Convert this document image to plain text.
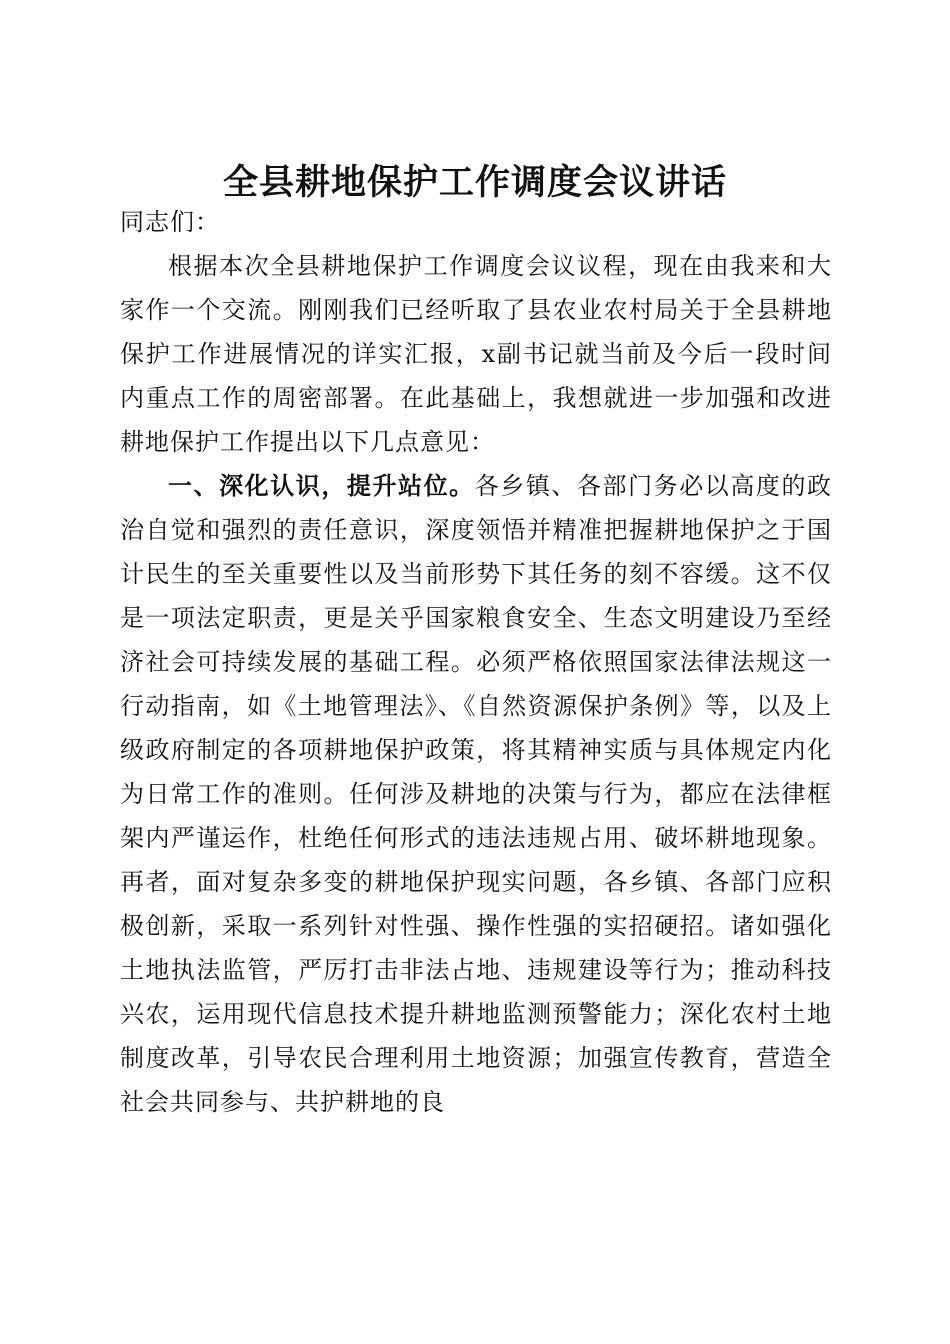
全县耕地保护工作调度会议讲话

同志们：

根据本次全县耕地保护工作调度会议议程，现在由我来和大家作一个交流。刚刚我们已经听取了县农业农村局关于全县耕地保护工作进展情况的详实汇报，x副书记就当前及今后一段时间内重点工作的周密部署。在此基础上，我想就进一步加强和改进耕地保护工作提出以下几点意见：

一、深化认识，提升站位。各乡镇、各部门务必以高度的政治自觉和强烈的责任意识，深度领悟并精准把握耕地保护之于国计民生的至关重要性以及当前形势下其任务的刻不容缓。这不仅是一项法定职责，更是关乎国家粮食安全、生态文明建设乃至经济社会可持续发展的基础工程。必须严格依照国家法律法规这一行动指南，如《土地管理法》、《自然资源保护条例》等，以及上级政府制定的各项耕地保护政策，将其精神实质与具体规定内化为日常工作的准则。任何涉及耕地的决策与行为，都应在法律框架内严谨运作，杜绝任何形式的违法违规占用、破坏耕地现象。再者，面对复杂多变的耕地保护现实问题，各乡镇、各部门应积极创新，采取一系列针对性强、操作性强的实招硬招。诸如强化土地执法监管，严厉打击非法占地、违规建设等行为；推动科技兴农，运用现代信息技术提升耕地监测预警能力；深化农村土地制度改革，引导农民合理利用土地资源；加强宣传教育，营造全社会共同参与、共护耕地的良
